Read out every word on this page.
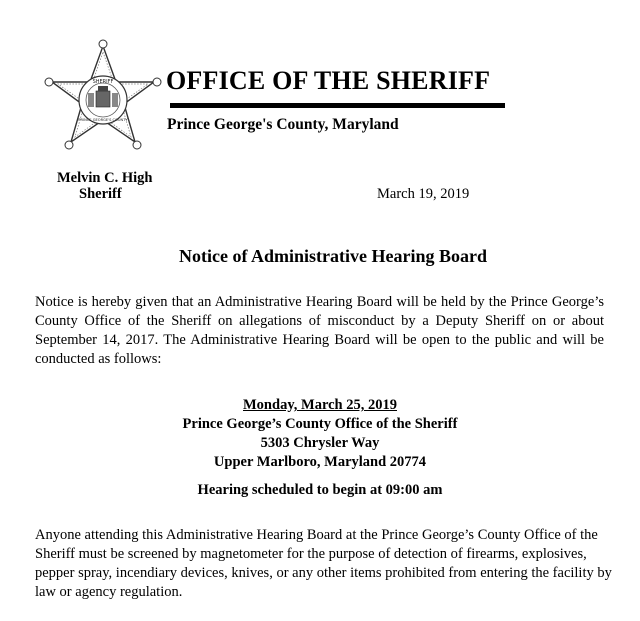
SHERIFF
PRINCE GEORGE'S COUNTY
OFFICE OF THE SHERIFF
Prince George's County, Maryland
Melvin C. High
Sheriff	March 19, 2019
Notice of Administrative Hearing Board
Notice is hereby given that an Administrative Hearing Board will be held by the Prince George’s County Office of the Sheriff on allegations of misconduct by a Deputy Sheriff on or about September 14, 2017. The Administrative Hearing Board will be open to the public and will be conducted as follows:
Monday, March 25, 2019
Prince George’s County Office of the Sheriff
5303 Chrysler Way
Upper Marlboro, Maryland 20774
Hearing scheduled to begin at 09:00 am
Anyone attending this Administrative Hearing Board at the Prince George’s County Office of the Sheriff must be screened by magnetometer for the purpose of detection of firearms, explosives, pepper spray, incendiary devices, knives, or any other items prohibited from entering the facility by law or agency regulation.
